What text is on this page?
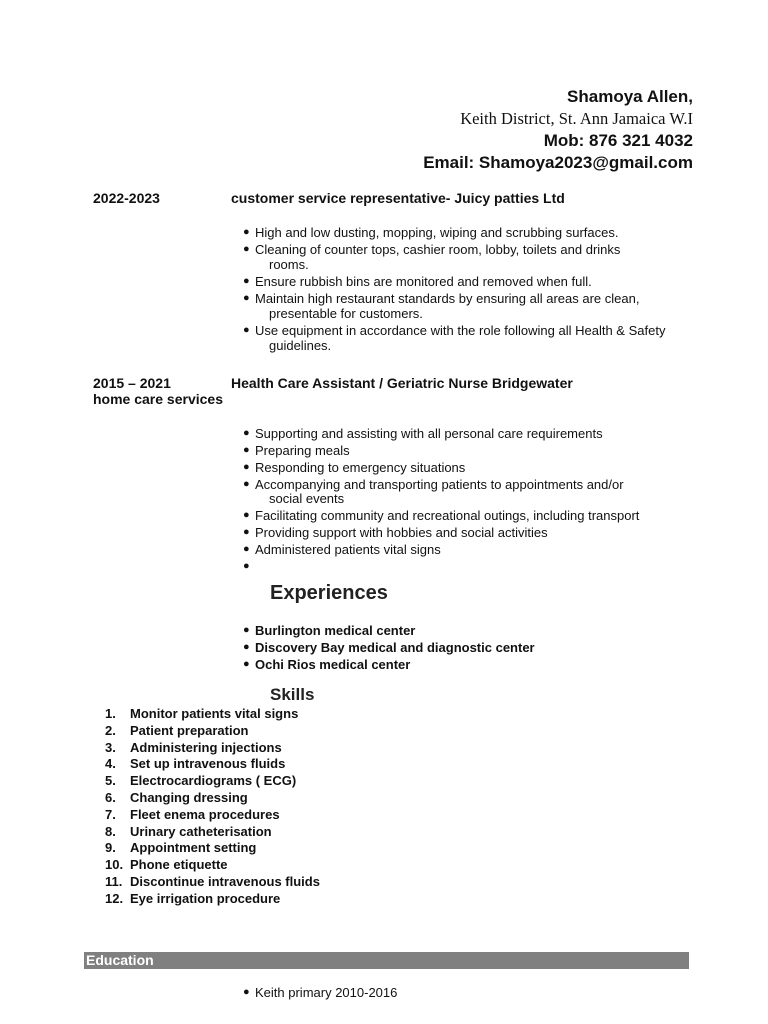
Shamoya Allen,
Keith District, St. Ann Jamaica W.I
Mob: 876 321 4032
Email: Shamoya2023@gmail.com
2022-2023	customer service representative- Juicy patties Ltd
● High and low dusting, mopping, wiping and scrubbing surfaces.
● Cleaning of counter tops, cashier room, lobby, toilets and drinks
rooms.
● Ensure rubbish bins are monitored and removed when full.
● Maintain high restaurant standards by ensuring all areas are clean,
presentable for customers.
● Use equipment in accordance with the role following all Health & Safety
guidelines.
2015 – 2021	Health Care Assistant / Geriatric Nurse Bridgewater
home care services
● Supporting and assisting with all personal care requirements
● Preparing meals
● Responding to emergency situations
● Accompanying and transporting patients to appointments and/or
social events
● Facilitating community and recreational outings, including transport
● Providing support with hobbies and social activities
● Administered patients vital signs
●
Experiences
● Burlington medical center
● Discovery Bay medical and diagnostic center
● Ochi Rios medical center
Skills
1.	Monitor patients vital signs
2.	Patient preparation
3.	Administering injections
4.	Set up intravenous fluids
5.	Electrocardiograms ( ECG)
6.	Changing dressing
7.	Fleet enema procedures
8.	Urinary catheterisation
9.	Appointment setting
10. Phone etiquette
11. Discontinue intravenous fluids
12. Eye irrigation procedure
Education
● Keith primary 2010-2016
